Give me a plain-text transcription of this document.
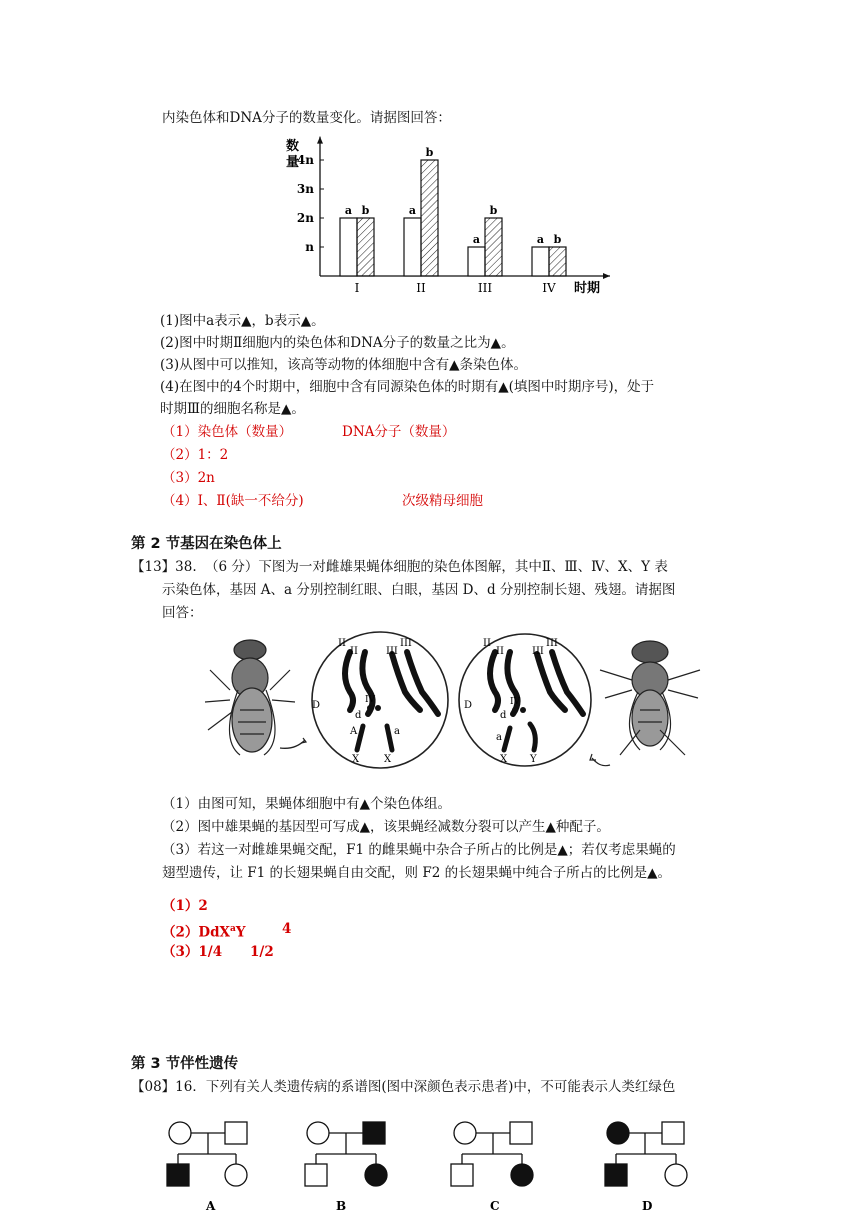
内染色体和DNA分子的数量变化。请据图回答：
数
量
n
2n
3n
4n
a b
I
a
b
II
a
b
III
a b
IV 时期
(1)图中a表示▲，b表示▲。
(2)图中时期Ⅱ细胞内的染色体和DNA分子的数量之比为▲。
(3)从图中可以推知，该高等动物的体细胞中含有▲条染色体。
(4)在图中的4个时期中，细胞中含有同源染色体的时期有▲(填图中时期序号)，处于
时期Ⅲ的细胞名称是▲。
（1）染色体（数量）	DNA分子（数量）
（2）1：2
（3）2n
（4）Ⅰ、Ⅱ(缺一不给分)	次级精母细胞
第 2 节基因在染色体上
【13】38. （6 分）下图为一对雌雄果蝇体细胞的染色体图解，其中Ⅱ、Ⅲ、Ⅳ、X、Y 表
示染色体，基因 A、a 分别控制红眼、白眼，基因 D、d 分别控制长翅、残翅。请据图
回答：
II
II	III
III
IV
D
d
A	a
X X
II
II	III
III
IV
D
d
a
X Y
（1）由图可知，果蝇体细胞中有▲个染色体组。
（2）图中雄果蝇的基因型可写成▲，该果蝇经减数分裂可以产生▲种配子。
（3）若这一对雌雄果蝇交配，F1 的雌果蝇中杂合子所占的比例是▲；若仅考虑果蝇的
翅型遗传，让 F1 的长翅果蝇自由交配，则 F2 的长翅果蝇中纯合子所占的比例是▲。
（1）2
（2）DdX$^a$Y	4
（3）1/4 1/2
第 3 节伴性遗传
【08】16．下列有关人类遗传病的系谱图(图中深颜色表示患者)中，不可能表示人类红绿色
A	B	C	D
